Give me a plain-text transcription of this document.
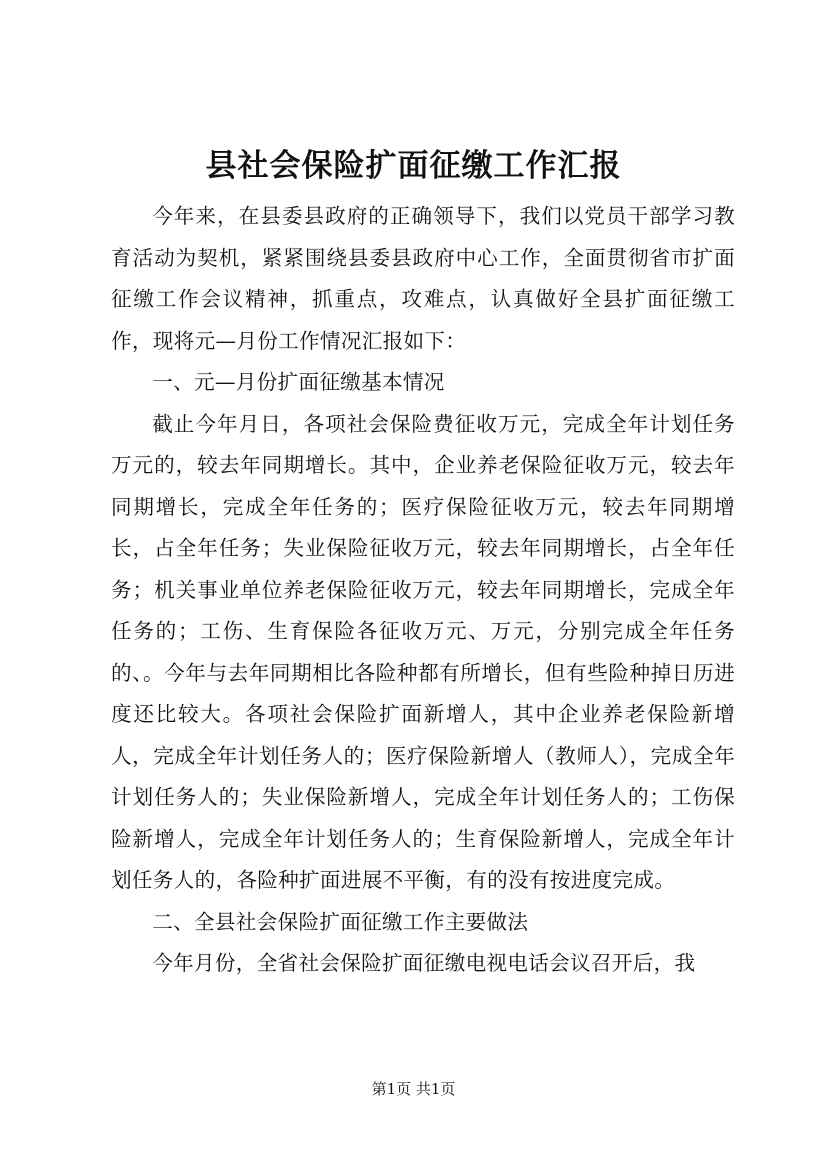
县社会保险扩面征缴工作汇报

今年来，在县委县政府的正确领导下，我们以党员干部学习教育活动为契机，紧紧围绕县委县政府中心工作，全面贯彻省市扩面征缴工作会议精神，抓重点，攻难点，认真做好全县扩面征缴工作，现将元—月份工作情况汇报如下：

一、元—月份扩面征缴基本情况

截止今年月日，各项社会保险费征收万元，完成全年计划任务万元的，较去年同期增长。其中，企业养老保险征收万元，较去年同期增长，完成全年任务的；医疗保险征收万元，较去年同期增长，占全年任务；失业保险征收万元，较去年同期增长，占全年任务；机关事业单位养老保险征收万元，较去年同期增长，完成全年任务的；工伤、生育保险各征收万元、万元，分别完成全年任务的、。今年与去年同期相比各险种都有所增长，但有些险种掉日历进度还比较大。各项社会保险扩面新增人，其中企业养老保险新增人，完成全年计划任务人的；医疗保险新增人（教师人），完成全年计划任务人的；失业保险新增人，完成全年计划任务人的；工伤保险新增人，完成全年计划任务人的；生育保险新增人，完成全年计划任务人的，各险种扩面进展不平衡，有的没有按进度完成。

二、全县社会保险扩面征缴工作主要做法

今年月份，全省社会保险扩面征缴电视电话会议召开后，我

第1页 共1页
